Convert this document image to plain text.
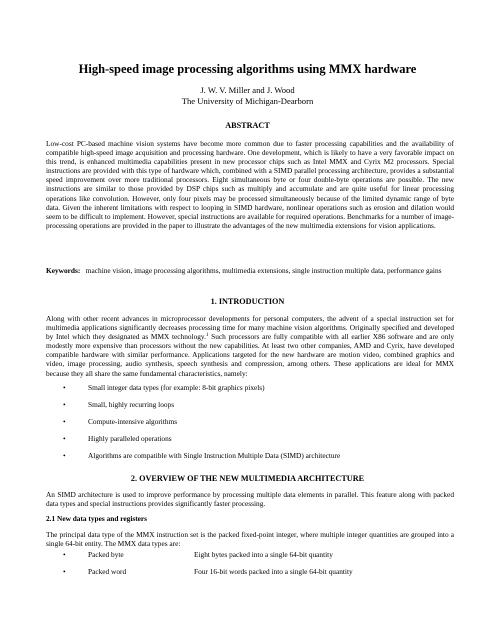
High-speed image processing algorithms using MMX hardware
J. W. V. Miller and J. Wood
The University of Michigan-Dearborn
ABSTRACT

Low-cost PC-based machine vision systems have become more common due to faster processing capabilities and the availability of compatible high-speed image acquisition and processing hardware. One development, which is likely to have a very favorable impact on this trend, is enhanced multimedia capabilities present in new processor chips such as Intel MMX and Cyrix M2 processors. Special instructions are provided with this type of hardware which, combined with a SIMD parallel processing architecture, provides a substantial speed improvement over more traditional processors. Eight simultaneous byte or four double-byte operations are possible. The new instructions are similar to those provided by DSP chips such as multiply and accumulate and are quite useful for linear processing operations like convolution. However, only four pixels may be processed simultaneously because of the limited dynamic range of byte data. Given the inherent limitations with respect to looping in SIMD hardware, nonlinear operations such as erosion and dilation would seem to be difficult to implement. However, special instructions are available for required operations. Benchmarks for a number of image-processing operations are provided in the paper to illustrate the advantages of the new multimedia extensions for vision applications.

Keywords: machine vision, image processing algorithms, multimedia extensions, single instruction multiple data, performance gains

1. INTRODUCTION

Along with other recent advances in microprocessor developments for personal computers, the advent of a special instruction set for multimedia applications significantly decreases processing time for many machine vision algorithms. Originally specified and developed by Intel which they designated as MMX technology.$^1$ Such processors are fully compatible with all earlier X86 software and are only modestly more expensive than processors without the new capabilities. At least two other companies, AMD and Cyrix, have developed compatible hardware with similar performance. Applications targeted for the new hardware are motion video, combined graphics and video, image processing, audio synthesis, speech synthesis and compression, among others. These applications are ideal for MMX because they all share the same fundamental characteristics, namely:

• Small integer data types (for example: 8-bit graphics pixels)
• Small, highly recurring loops
• Compute-intensive algorithms
• Highly paralleled operations
• Algorithms are compatible with Single Instruction Multiple Data (SIMD) architecture
2. OVERVIEW OF THE NEW MULTIMEDIA ARCHITECTURE

An SIMD architecture is used to improve performance by processing multiple data elements in parallel. This feature along with packed data types and special instructions provides significantly faster processing.

2.1 New data types and registers

The principal data type of the MMX instruction set is the packed fixed-point integer, where multiple integer quantities are grouped into a single 64-bit entity. The MMX data types are:

• Packed byte	Eight bytes packed into a single 64-bit quantity
• Packed word	Four 16-bit words packed into a single 64-bit quantity
